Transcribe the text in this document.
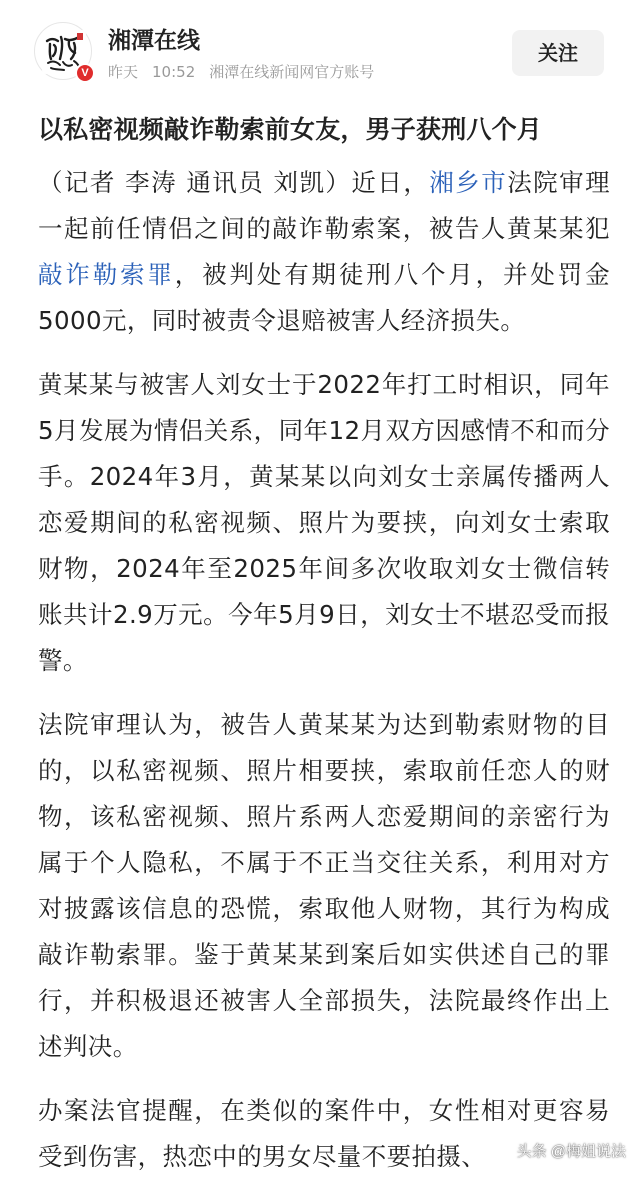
V
湘潭在线
昨天 10:52 湘潭在线新闻网官方账号
关注
以私密视频敲诈勒索前女友，男子获刑八个月

（记者 李涛 通讯员 刘凯）近日，湘乡市法院审理一起前任情侣之间的敲诈勒索案，被告人黄某某犯敲诈勒索罪，被判处有期徒刑八个月，并处罚金5000元，同时被责令退赔被害人经济损失。

黄某某与被害人刘女士于2022年打工时相识，同年5月发展为情侣关系，同年12月双方因感情不和而分手。2024年3月，黄某某以向刘女士亲属传播两人恋爱期间的私密视频、照片为要挟，向刘女士索取财物，2024年至2025年间多次收取刘女士微信转账共计2.9万元。今年5月9日，刘女士不堪忍受而报警。

法院审理认为，被告人黄某某为达到勒索财物的目的，以私密视频、照片相要挟，索取前任恋人的财物，该私密视频、照片系两人恋爱期间的亲密行为属于个人隐私，不属于不正当交往关系，利用对方对披露该信息的恐慌，索取他人财物，其行为构成敲诈勒索罪。鉴于黄某某到案后如实供述自己的罪行，并积极退还被害人全部损失，法院最终作出上述判决。

办案法官提醒，在类似的案件中，女性相对更容易受到伤害，热恋中的男女尽量不要拍摄、	头条 @梅姐说法
